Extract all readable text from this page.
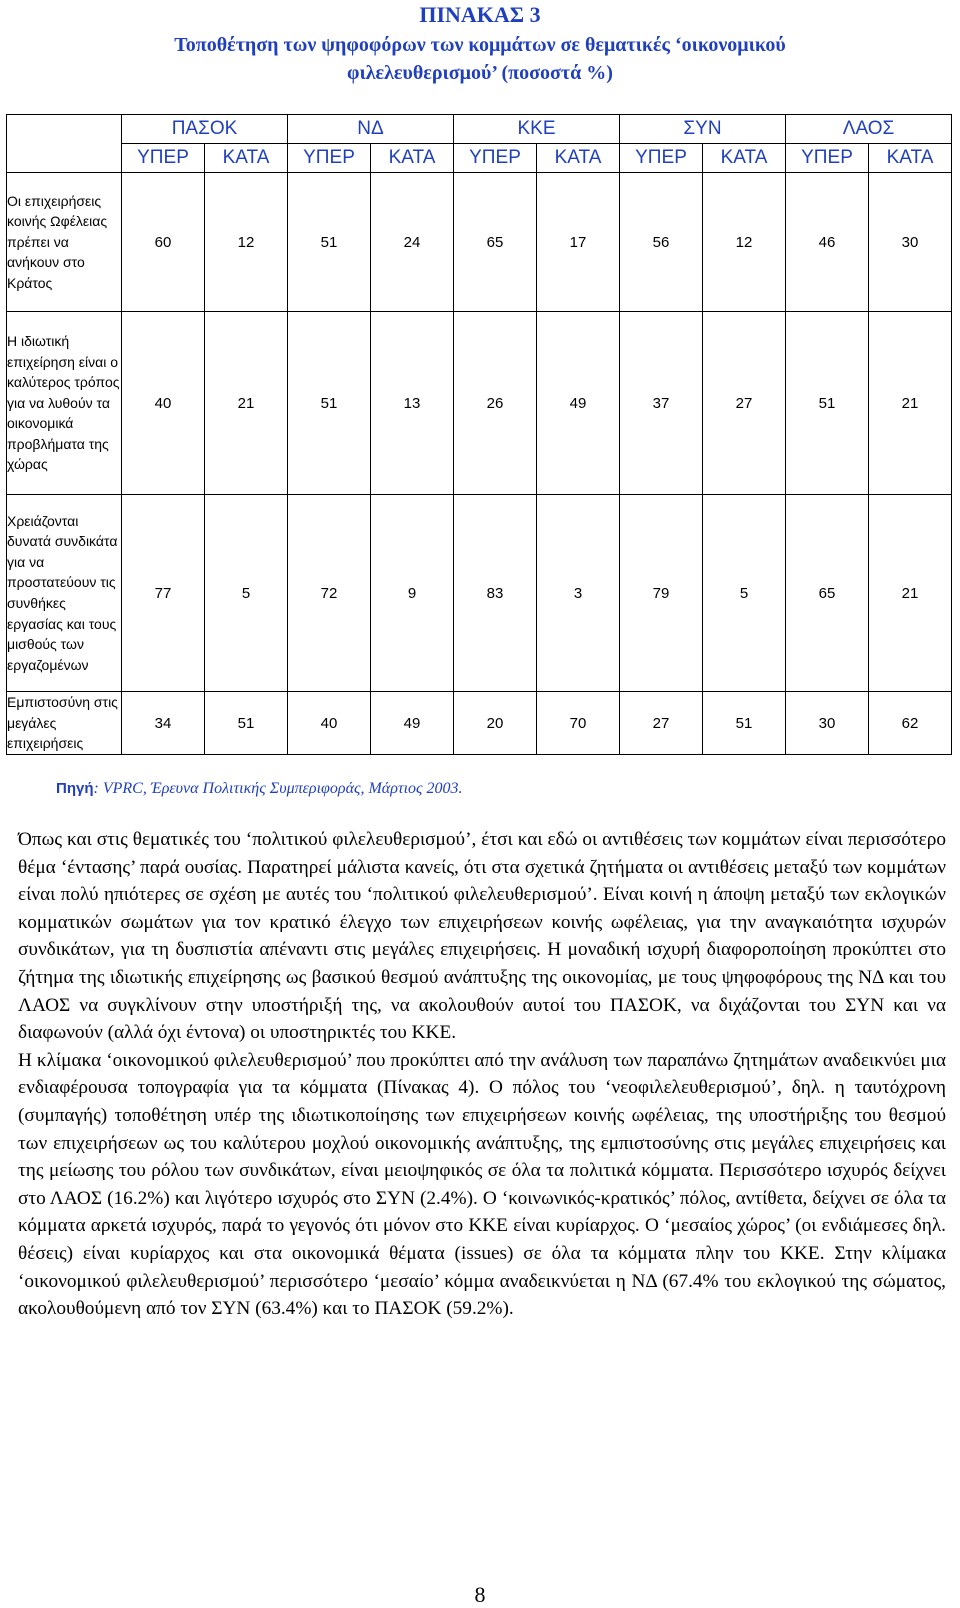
ΠΙΝΑΚΑΣ 3
Τοποθέτηση των ψηφοφόρων των κομμάτων σε θεματικές ‘οικονομικού
φιλελευθερισμού’ (ποσοστά %)
	ΠΑΣΟΚ		ΝΔ		ΚΚΕ		ΣΥΝ		ΛΑΟΣ	
	ΥΠΕΡ	ΚΑΤΑ	ΥΠΕΡ	ΚΑΤΑ	ΥΠΕΡ	ΚΑΤΑ	ΥΠΕΡ	ΚΑΤΑ	ΥΠΕΡ	ΚΑΤΑ
Οι επιχειρήσεις κοινής Ωφέλειας πρέπει να ανήκουν στο Κράτος	60	12	51	24	65	17	56	12	46	30
Η ιδιωτική επιχείρηση είναι ο καλύτερος τρόπος για να λυθούν τα οικονομικά προβλήματα της χώρας	40	21	51	13	26	49	37	27	51	21
Χρειάζονται δυνατά συνδικάτα για να προστατεύουν τις συνθήκες εργασίας και τους μισθούς των εργαζομένων	77	5	72	9	83	3	79	5	65	21
Εμπιστοσύνη στις μεγάλες επιχειρήσεις	34	51	40	49	20	70	27	51	30	62
Πηγή: VPRC, Έρευνα Πολιτικής Συμπεριφοράς, Μάρτιος 2003.

Όπως και στις θεματικές του ‘πολιτικού φιλελευθερισμού’, έτσι και εδώ οι αντιθέσεις των κομμάτων είναι περισσότερο θέμα ‘έντασης’ παρά ουσίας. Παρατηρεί μάλιστα κανείς, ότι στα σχετικά ζητήματα οι αντιθέσεις μεταξύ των κομμάτων είναι πολύ ηπιότερες σε σχέση με αυτές του ‘πολιτικού φιλελευθερισμού’. Είναι κοινή η άποψη μεταξύ των εκλογικών κομματικών σωμάτων για τον κρατικό έλεγχο των επιχειρήσεων κοινής ωφέλειας, για την αναγκαιότητα ισχυρών συνδικάτων, για τη δυσπιστία απέναντι στις μεγάλες επιχειρήσεις. Η μοναδική ισχυρή διαφοροποίηση προκύπτει στο ζήτημα της ιδιωτικής επιχείρησης ως βασικού θεσμού ανάπτυξης της οικονομίας, με τους ψηφοφόρους της ΝΔ και του ΛΑΟΣ να συγκλίνουν στην υποστήριξή της, να ακολουθούν αυτοί του ΠΑΣΟΚ, να διχάζονται του ΣΥΝ και να διαφωνούν (αλλά όχι έντονα) οι υποστηρικτές του ΚΚΕ.

Η κλίμακα ‘οικονομικού φιλελευθερισμού’ που προκύπτει από την ανάλυση των παραπάνω ζητημάτων αναδεικνύει μια ενδιαφέρουσα τοπογραφία για τα κόμματα (Πίνακας 4). Ο πόλος του ‘νεοφιλελευθερισμού’, δηλ. η ταυτόχρονη (συμπαγής) τοποθέτηση υπέρ της ιδιωτικοποίησης των επιχειρήσεων κοινής ωφέλειας, της υποστήριξης του θεσμού των επιχειρήσεων ως του καλύτερου μοχλού οικονομικής ανάπτυξης, της εμπιστοσύνης στις μεγάλες επιχειρήσεις και της μείωσης του ρόλου των συνδικάτων, είναι μειοψηφικός σε όλα τα πολιτικά κόμματα. Περισσότερο ισχυρός δείχνει στο ΛΑΟΣ (16.2%) και λιγότερο ισχυρός στο ΣΥΝ (2.4%). Ο ‘κοινωνικός-κρατικός’ πόλος, αντίθετα, δείχνει σε όλα τα κόμματα αρκετά ισχυρός, παρά το γεγονός ότι μόνον στο ΚΚΕ είναι κυρίαρχος. Ο ‘μεσαίος χώρος’ (οι ενδιάμεσες δηλ. θέσεις) είναι κυρίαρχος και στα οικονομικά θέματα (issues) σε όλα τα κόμματα πλην του ΚΚΕ. Στην κλίμακα ‘οικονομικού φιλελευθερισμού’ περισσότερο ‘μεσαίο’ κόμμα αναδεικνύεται η ΝΔ (67.4% του εκλογικού της σώματος, ακολουθούμενη από τον ΣΥΝ (63.4%) και το ΠΑΣΟΚ (59.2%).

8
